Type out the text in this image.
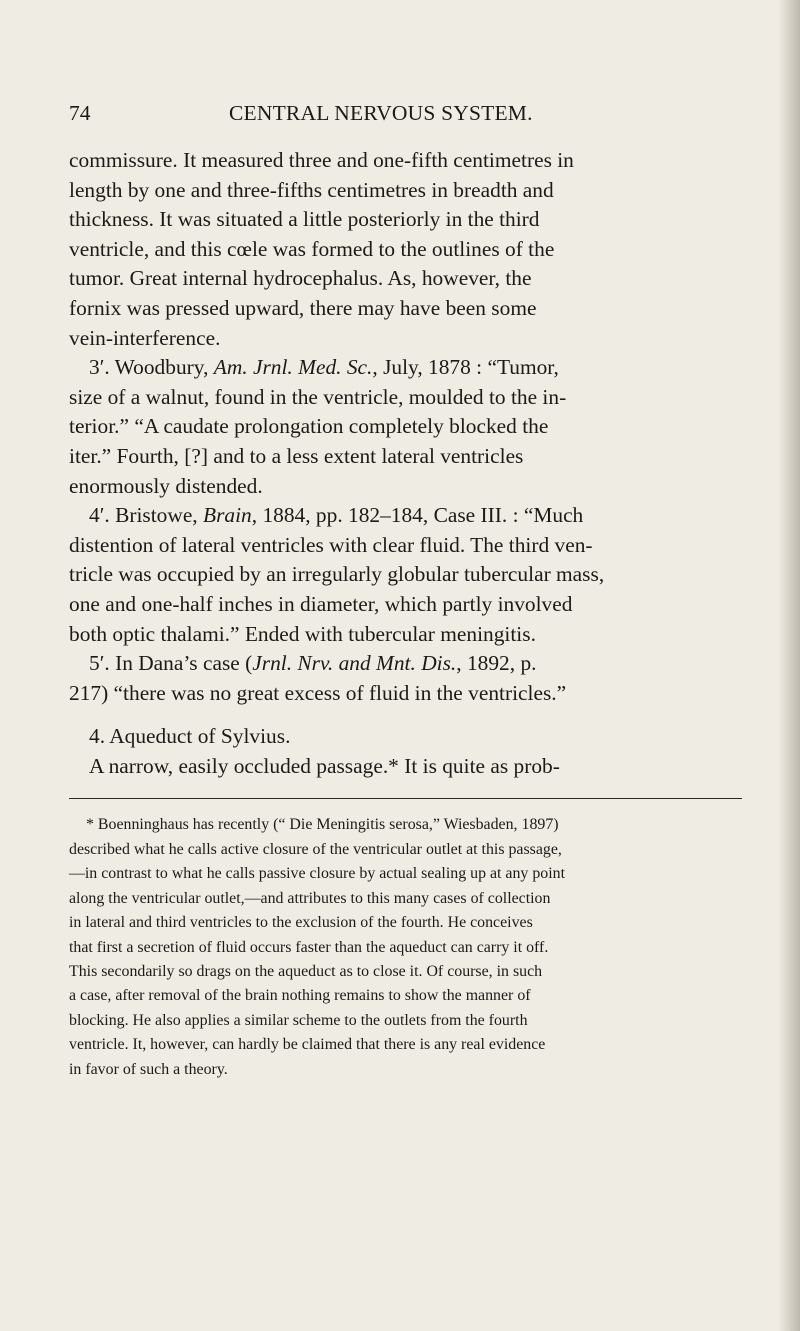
74	CENTRAL NERVOUS SYSTEM.

commissure. It measured three and one-fifth centimetres in
length by one and three-fifths centimetres in breadth and
thickness. It was situated a little posteriorly in the third
ventricle, and this cœle was formed to the outlines of the
tumor. Great internal hydrocephalus. As, however, the
fornix was pressed upward, there may have been some
vein-interference.

3′. Woodbury, Am. Jrnl. Med. Sc., July, 1878 : “Tumor,
size of a walnut, found in the ventricle, moulded to the in-
terior.” “A caudate prolongation completely blocked the
iter.” Fourth, [?] and to a less extent lateral ventricles
enormously distended.

4′. Bristowe, Brain, 1884, pp. 182–184, Case III. : “Much
distention of lateral ventricles with clear fluid. The third ven-
tricle was occupied by an irregularly globular tubercular mass,
one and one-half inches in diameter, which partly involved
both optic thalami.” Ended with tubercular meningitis.

5′. In Dana’s case (Jrnl. Nrv. and Mnt. Dis., 1892, p.
217) “there was no great excess of fluid in the ventricles.”

4. Aqueduct of Sylvius.

A narrow, easily occluded passage.* It is quite as prob-

* Boenninghaus has recently (“ Die Meningitis serosa,” Wiesbaden, 1897)
described what he calls active closure of the ventricular outlet at this passage,
—in contrast to what he calls passive closure by actual sealing up at any point
along the ventricular outlet,—and attributes to this many cases of collection
in lateral and third ventricles to the exclusion of the fourth. He conceives
that first a secretion of fluid occurs faster than the aqueduct can carry it off.
This secondarily so drags on the aqueduct as to close it. Of course, in such
a case, after removal of the brain nothing remains to show the manner of
blocking. He also applies a similar scheme to the outlets from the fourth
ventricle. It, however, can hardly be claimed that there is any real evidence
in favor of such a theory.
